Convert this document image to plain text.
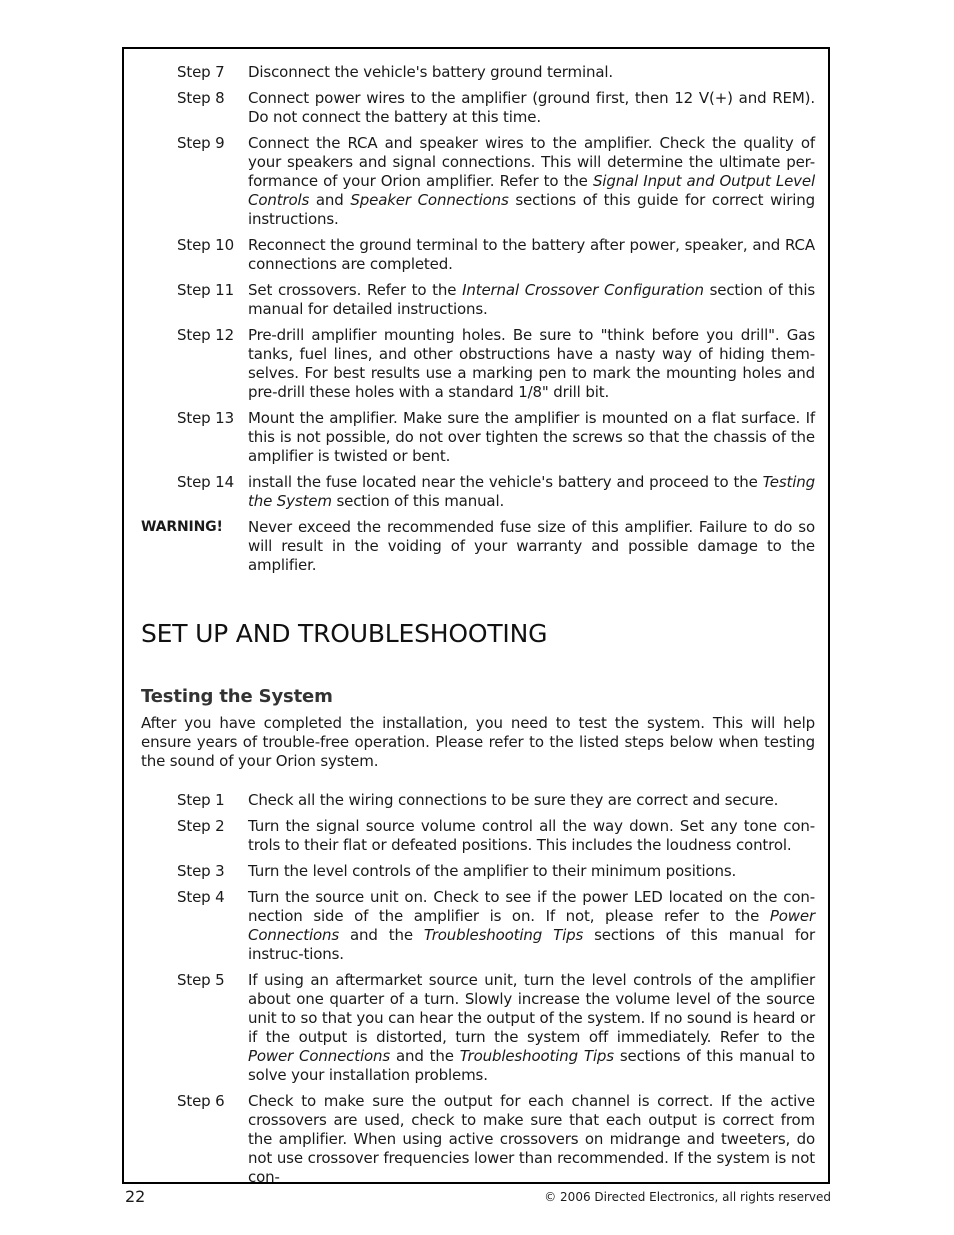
Step 7 Disconnect the vehicle's battery ground terminal.
Step 8 Connect power wires to the amplifier (ground first, then 12 V(+) and REM). Do not connect the battery at this time.
Step 9 Connect the RCA and speaker wires to the amplifier. Check the quality of your speakers and signal connections. This will determine the ultimate per-formance of your Orion amplifier. Refer to the Signal Input and Output Level Controls and Speaker Connections sections of this guide for correct wiring instructions.
Step 10 Reconnect the ground terminal to the battery after power, speaker, and RCA connections are completed.
Step 11 Set crossovers. Refer to the Internal Crossover Configuration section of this manual for detailed instructions.
Step 12 Pre-drill amplifier mounting holes. Be sure to "think before you drill". Gas tanks, fuel lines, and other obstructions have a nasty way of hiding them-selves. For best results use a marking pen to mark the mounting holes and pre-drill these holes with a standard 1/8" drill bit.
Step 13 Mount the amplifier. Make sure the amplifier is mounted on a flat surface. If this is not possible, do not over tighten the screws so that the chassis of the amplifier is twisted or bent.
Step 14 install the fuse located near the vehicle's battery and proceed to the Testing the System section of this manual.
WARNING! Never exceed the recommended fuse size of this amplifier. Failure to do so will result in the voiding of your warranty and possible damage to the amplifier.
SET UP AND TROUBLESHOOTING
Testing the System

After you have completed the installation, you need to test the system. This will help ensure years of trouble-free operation. Please refer to the listed steps below when testing the sound of your Orion system.

Step 1 Check all the wiring connections to be sure they are correct and secure.
Step 2 Turn the signal source volume control all the way down. Set any tone con-trols to their flat or defeated positions. This includes the loudness control.
Step 3 Turn the level controls of the amplifier to their minimum positions.
Step 4 Turn the source unit on. Check to see if the power LED located on the con-nection side of the amplifier is on. If not, please refer to the Power Connections and the Troubleshooting Tips sections of this manual for instruc-tions.
Step 5 If using an aftermarket source unit, turn the level controls of the amplifier about one quarter of a turn. Slowly increase the volume level of the source unit to so that you can hear the output of the system. If no sound is heard or if the output is distorted, turn the system off immediately. Refer to the Power Connections and the Troubleshooting Tips sections of this manual to solve your installation problems.
Step 6 Check to make sure the output for each channel is correct. If the active crossovers are used, check to make sure that each output is correct from the amplifier. When using active crossovers on midrange and tweeters, do not use crossover frequencies lower than recommended. If the system is not con-
22	© 2006 Directed Electronics, all rights reserved
